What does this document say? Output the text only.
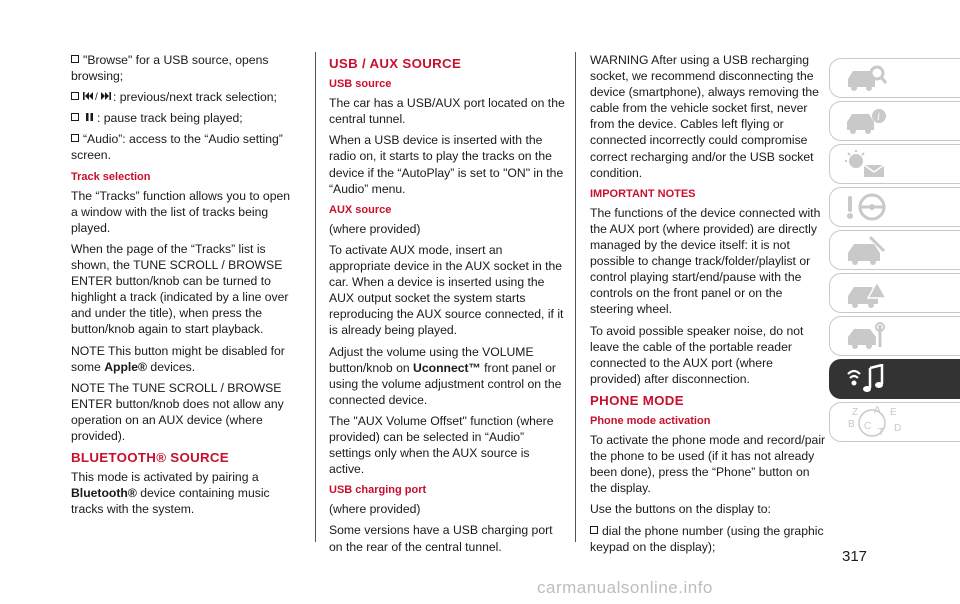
"Browse" for a USB source, opens browsing;

/ : previous/next track selection;

: pause track being played;

“Audio”: access to the “Audio setting” screen.

Track selection

The “Tracks” function allows you to open a window with the list of tracks being played.

When the page of the “Tracks” list is shown, the TUNE SCROLL / BROWSE ENTER button/knob can be turned to highlight a track (indicated by a line over and under the title), when press the button/knob again to start playback.

NOTE This button might be disabled for some Apple® devices.

NOTE The TUNE SCROLL / BROWSE ENTER button/knob does not allow any operation on an AUX device (where provided).

BLUETOOTH® SOURCE

This mode is activated by pairing a Bluetooth® device containing music tracks with the system.

USB / AUX SOURCE
USB source

The car has a USB/AUX port located on the central tunnel.

When a USB device is inserted with the radio on, it starts to play the tracks on the device if the “AutoPlay” is set to "ON" in the “Audio” menu.

AUX source

(where provided)

To activate AUX mode, insert an appropriate device in the AUX socket in the car. When a device is inserted using the AUX output socket the system starts reproducing the AUX source connected, if it is already being played.

Adjust the volume using the VOLUME button/knob on Uconnect™ front panel or using the volume adjustment control on the connected device.

The "AUX Volume Offset" function (where provided) can be selected in “Audio” settings only when the AUX source is active.

USB charging port

(where provided)

Some versions have a USB charging port on the rear of the central tunnel.

WARNING After using a USB recharging socket, we recommend disconnecting the device (smartphone), always removing the cable from the vehicle socket first, never from the device. Cables left flying or connected incorrectly could compromise correct recharging and/or the USB socket condition.

IMPORTANT NOTES

The functions of the device connected with the AUX port (where provided) are directly managed by the device itself: it is not possible to change track/folder/playlist or control playing start/end/pause with the controls on the front panel or on the steering wheel.

To avoid possible speaker noise, do not leave the cable of the portable reader connected to the AUX port (where provided) after disconnection.

PHONE MODE
Phone mode activation

To activate the phone mode and record/pair the phone to be used (if it has not already been done), press the “Phone” button on the display.

Use the buttons on the display to:

dial the phone number (using the graphic keypad on the display);

i
Z A E
B C
T D
317
carmanualsonline.info
